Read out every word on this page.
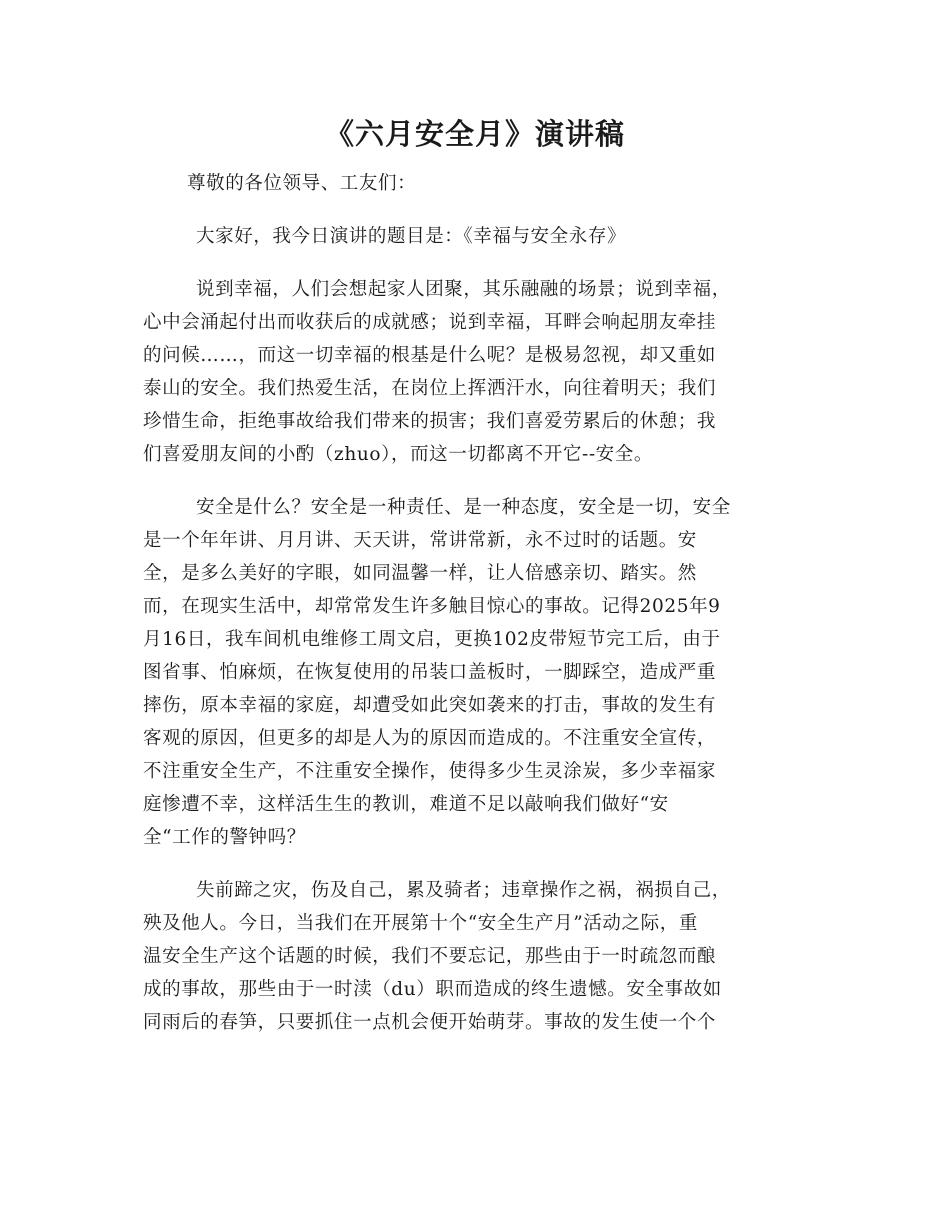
《六月安全月》演讲稿

尊敬的各位领导、工友们：

大家好，我今日演讲的题目是：《幸福与安全永存》

说到幸福，人们会想起家人团聚，其乐融融的场景；说到幸福，

心中会涌起付出而收获后的成就感；说到幸福，耳畔会响起朋友牵挂

的问候……，而这一切幸福的根基是什么呢？是极易忽视，却又重如

泰山的安全。我们热爱生活，在岗位上挥洒汗水，向往着明天；我们

珍惜生命，拒绝事故给我们带来的损害；我们喜爱劳累后的休憩；我

们喜爱朋友间的小酌（zhuo），而这一切都离不开它--安全。

安全是什么？安全是一种责任、是一种态度，安全是一切，安全

是一个年年讲、月月讲、天天讲，常讲常新，永不过时的话题。安

全，是多么美好的字眼，如同温馨一样，让人倍感亲切、踏实。然

而，在现实生活中，却常常发生许多触目惊心的事故。记得2025年9

月16日，我车间机电维修工周文启，更换102皮带短节完工后，由于

图省事、怕麻烦，在恢复使用的吊装口盖板时，一脚踩空，造成严重

摔伤，原本幸福的家庭，却遭受如此突如袭来的打击，事故的发生有

客观的原因，但更多的却是人为的原因而造成的。不注重安全宣传，

不注重安全生产，不注重安全操作，使得多少生灵涂炭，多少幸福家

庭惨遭不幸，这样活生生的教训，难道不足以敲响我们做好“安

全“工作的警钟吗？

失前蹄之灾，伤及自己，累及骑者；违章操作之祸，祸损自己，

殃及他人。今日，当我们在开展第十个“安全生产月”活动之际，重

温安全生产这个话题的时候，我们不要忘记，那些由于一时疏忽而酿

成的事故，那些由于一时渎（du）职而造成的终生遗憾。安全事故如

同雨后的春笋，只要抓住一点机会便开始萌芽。事故的发生使一个个
